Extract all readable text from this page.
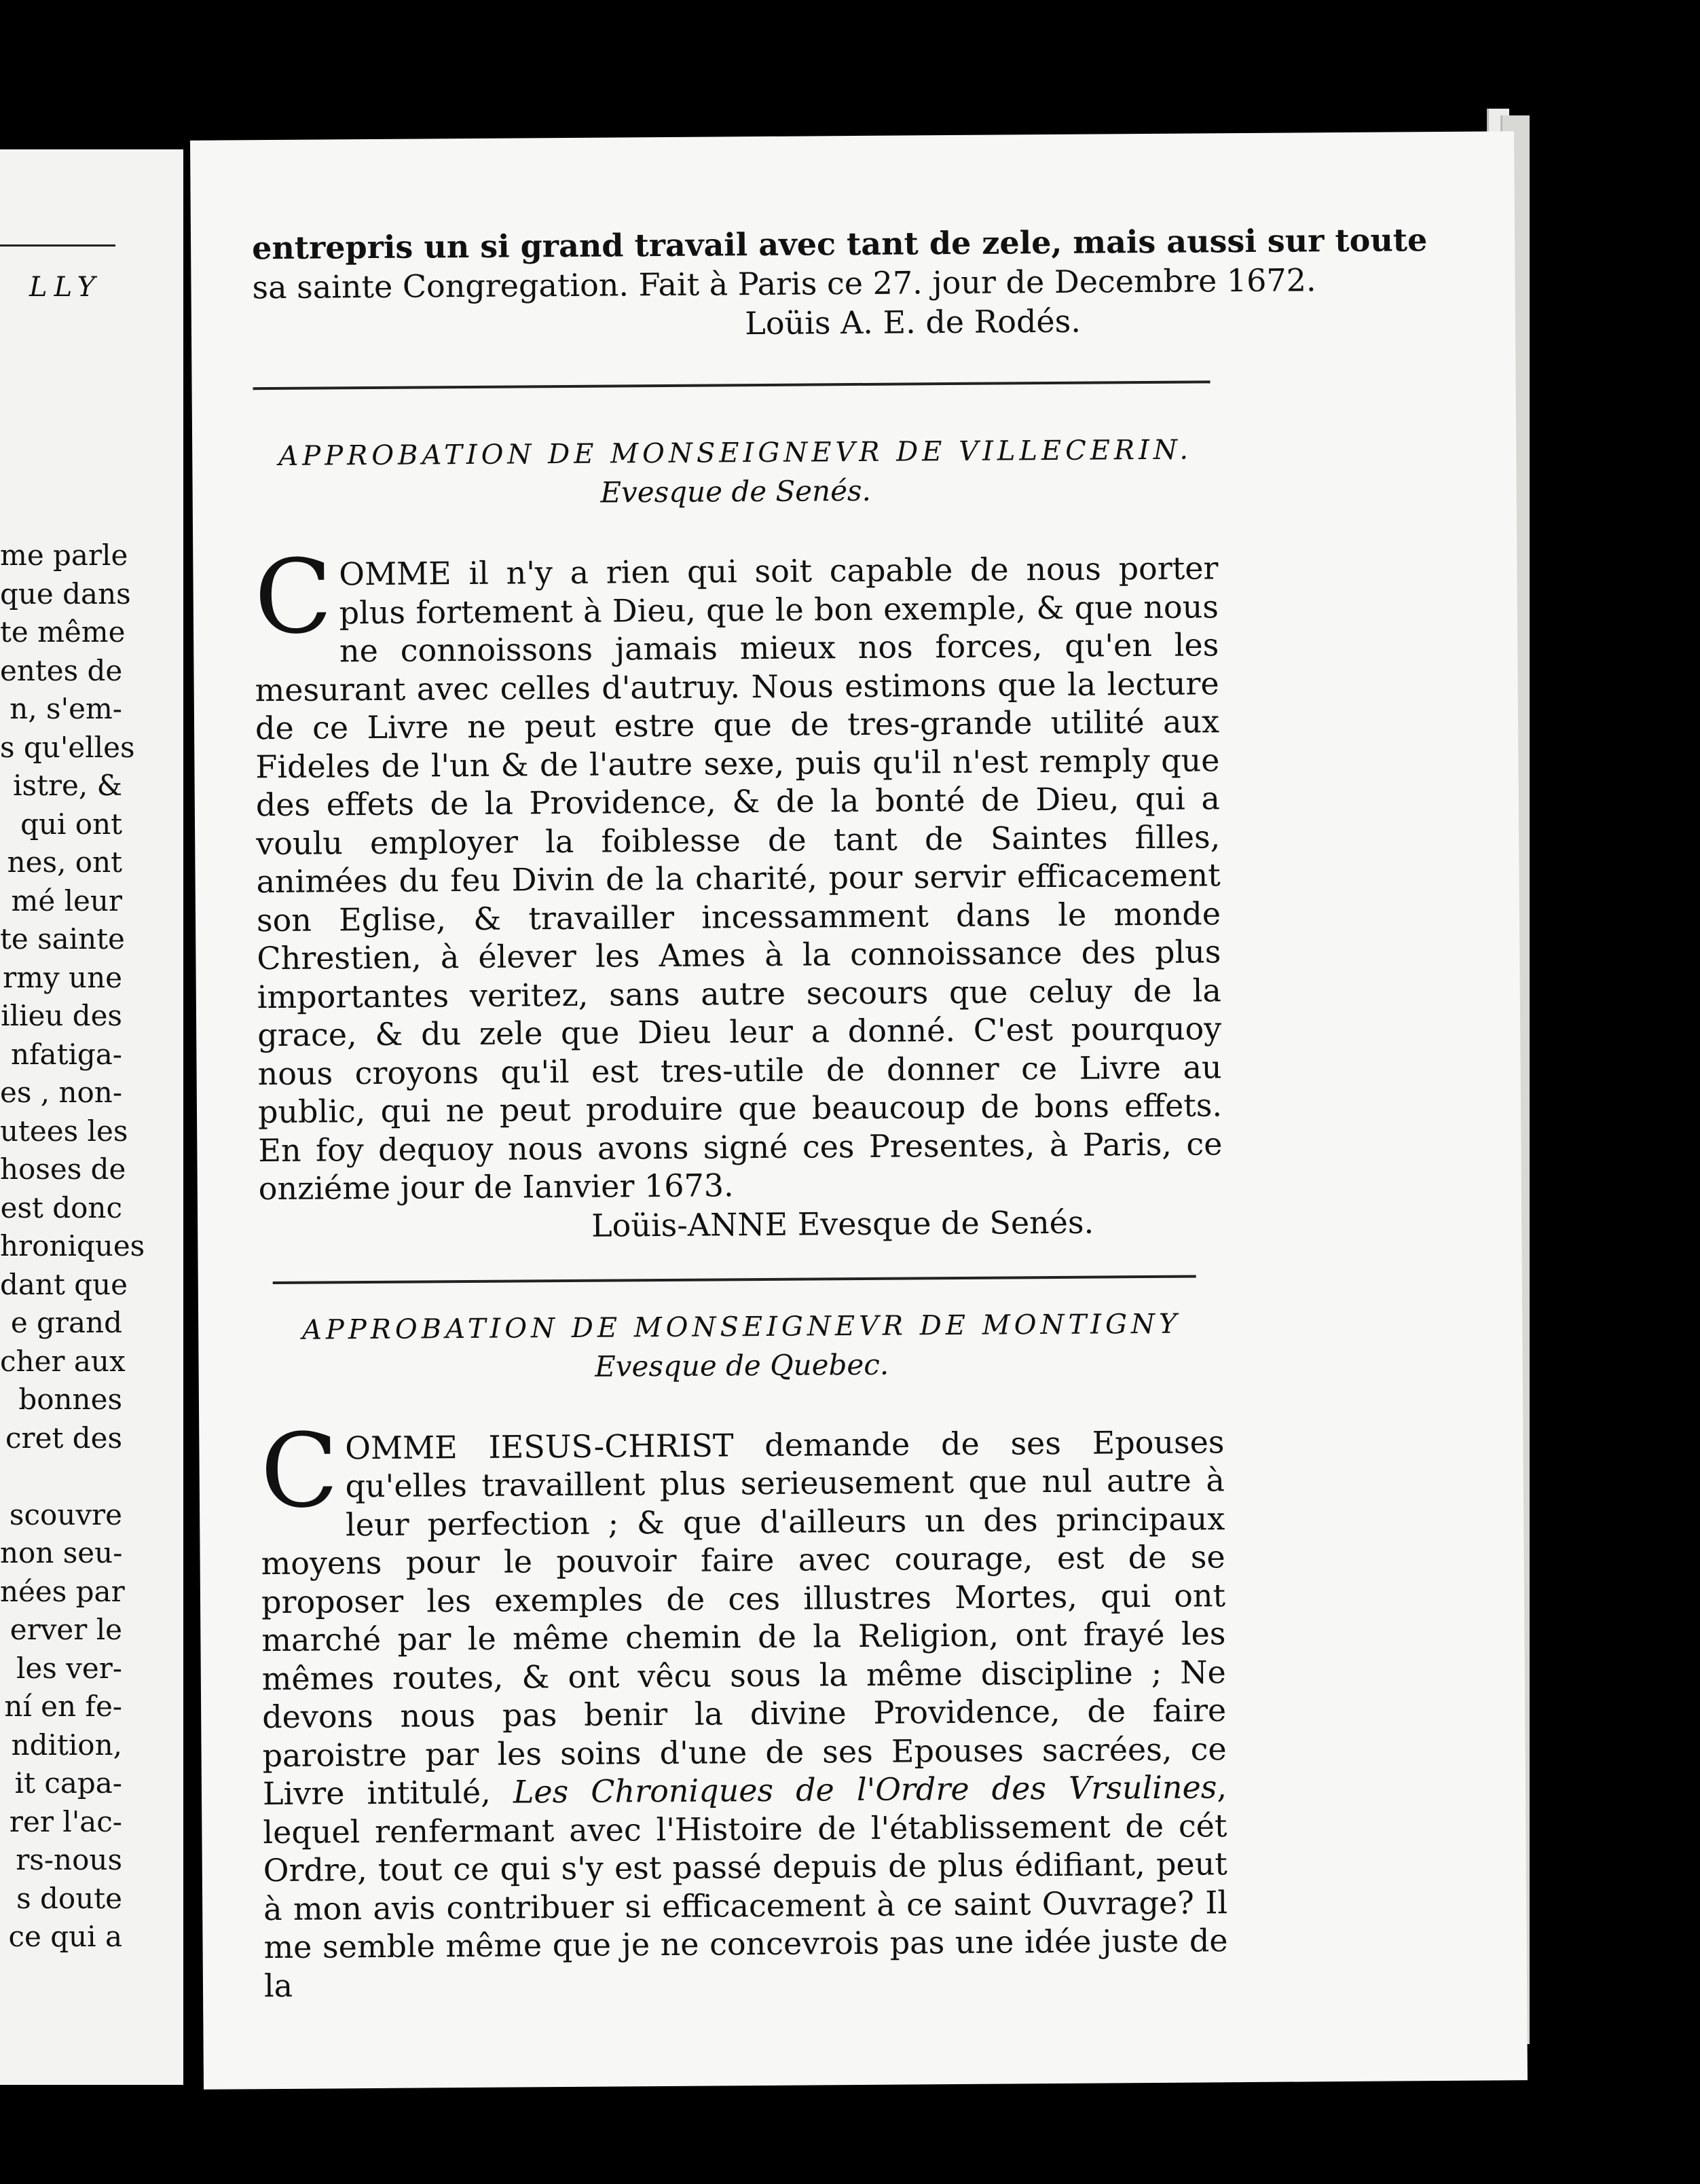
LLY
me parle
que dans
te même
entes de
n, s'em-
s qu'elles
istre, &
qui ont
nes, ont
mé leur
te sainte
rmy une
ilieu des
nfatiga-
es , non-
utees les
hoses de
est donc
hroniques
dant que
e grand
cher aux
bonnes
cret des
scouvre
non seu-
nées par
erver le
les ver-
ní en fe-
ndition,
it capa-
rer l'ac-
rs-nous
s doute
ce qui a
entrepris un si grand travail avec tant de zele, mais aussi sur toute
sa sainte Congregation. Fait à Paris ce 27. jour de Decembre 1672.
Loüis A. E. de Rodés.
APPROBATION DE MONSEIGNEVR DE VILLECERIN.
Evesque de Senés.

COMME il n'y a rien qui soit capable de nous porter plus fortement à Dieu, que le bon exemple, & que nous ne connoissons jamais mieux nos forces, qu'en les mesurant avec celles d'autruy. Nous estimons que la lecture de ce Livre ne peut estre que de tres-grande utilité aux Fideles de l'un & de l'autre sexe, puis qu'il n'est remply que des effets de la Providence, & de la bonté de Dieu, qui a voulu employer la foiblesse de tant de Saintes filles, animées du feu Divin de la charité, pour servir efficacement son Eglise, & travailler incessamment dans le monde Chrestien, à élever les Ames à la connoissance des plus importantes veritez, sans autre secours que celuy de la grace, & du zele que Dieu leur a donné. C'est pourquoy nous croyons qu'il est tres-utile de donner ce Livre au public, qui ne peut produire que beaucoup de bons effets. En foy dequoy nous avons signé ces Presentes, à Paris, ce onziéme jour de Ianvier 1673.

Loüis-ANNE Evesque de Senés.
APPROBATION DE MONSEIGNEVR DE MONTIGNY
Evesque de Quebec.

COMME IESUS-CHRIST demande de ses Epouses qu'elles travaillent plus serieusement que nul autre à leur perfection ; & que d'ailleurs un des principaux moyens pour le pouvoir faire avec courage, est de se proposer les exemples de ces illustres Mortes, qui ont marché par le même chemin de la Religion, ont frayé les mêmes routes, & ont vêcu sous la même discipline ; Ne devons nous pas benir la divine Providence, de faire paroistre par les soins d'une de ses Epouses sacrées, ce Livre intitulé, Les Chroniques de l'Ordre des Vrsulines, lequel renfermant avec l'Histoire de l'établissement de cét Ordre, tout ce qui s'y est passé depuis de plus édifiant, peut à mon avis contribuer si efficacement à ce saint Ouvrage? Il me semble même que je ne concevrois pas une idée juste de la
